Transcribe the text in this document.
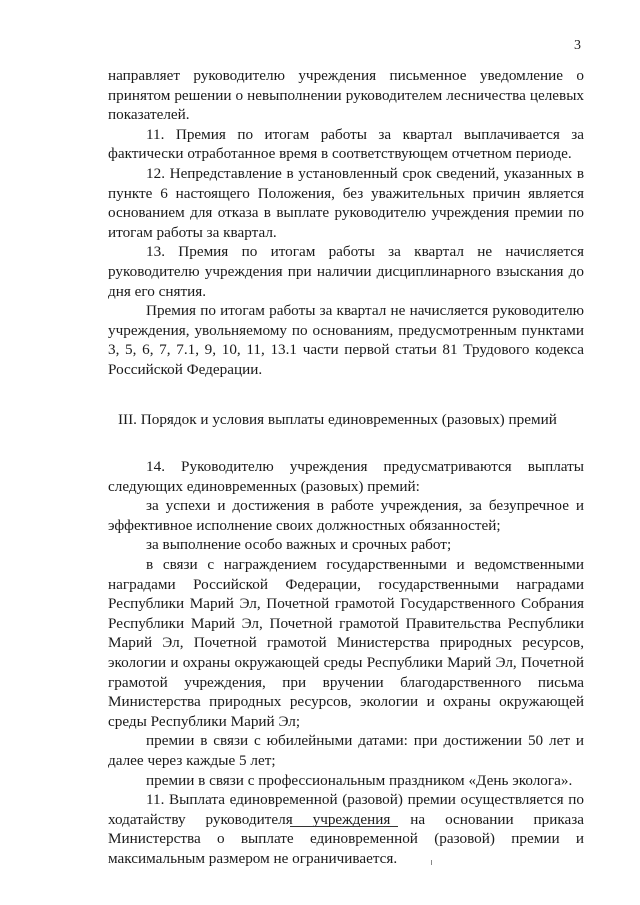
3

направляет руководителю учреждения письменное уведомление о принятом решении о невыполнении руководителем лесничества целевых показателей.

11. Премия по итогам работы за квартал выплачивается за фактически отработанное время в соответствующем отчетном периоде.

12. Непредставление в установленный срок сведений, указанных в пункте 6 настоящего Положения, без уважительных причин является основанием для отказа в выплате руководителю учреждения премии по итогам работы за квартал.

13. Премия по итогам работы за квартал не начисляется руководителю учреждения при наличии дисциплинарного взыскания до дня его снятия.

Премия по итогам работы за квартал не начисляется руководителю учреждения, увольняемому по основаниям, предусмотренным пунктами 3, 5, 6, 7, 7.1, 9, 10, 11, 13.1 части первой статьи 81 Трудового кодекса Российской Федерации.

III. Порядок и условия выплаты единовременных (разовых) премий

14. Руководителю учреждения предусматриваются выплаты следующих единовременных (разовых) премий:

за успехи и достижения в работе учреждения, за безупречное и эффективное исполнение своих должностных обязанностей;

за выполнение особо важных и срочных работ;

в связи с награждением государственными и ведомственными наградами Российской Федерации, государственными наградами Республики Марий Эл, Почетной грамотой Государственного Собрания Республики Марий Эл, Почетной грамотой Правительства Республики Марий Эл, Почетной грамотой Министерства природных ресурсов, экологии и охраны окружающей среды Республики Марий Эл, Почетной грамотой учреждения, при вручении благодарственного письма Министерства природных ресурсов, экологии и охраны окружающей среды Республики Марий Эл;

премии в связи с юбилейными датами: при достижении 50 лет и далее через каждые 5 лет;

премии в связи с профессиональным праздником «День эколога».

11. Выплата единовременной (разовой) премии осуществляется по ходатайству руководителя учреждения на основании приказа Министерства о выплате единовременной (разовой) премии и максимальным размером не ограничивается.
